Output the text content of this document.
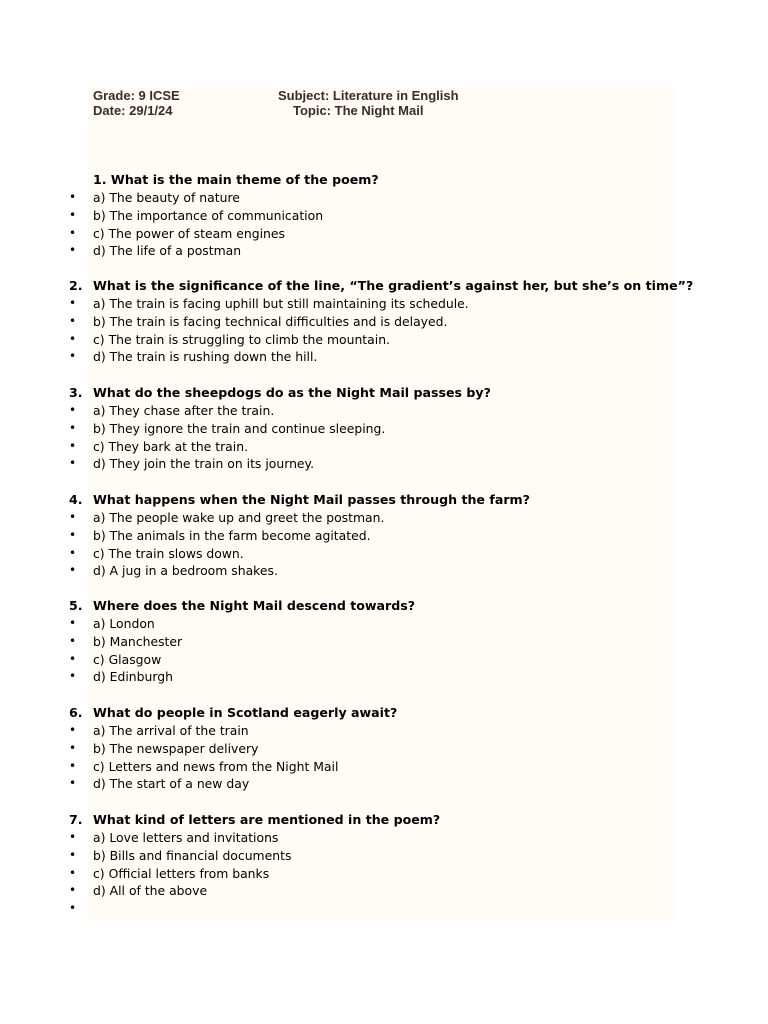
Grade: 9 ICSE
Date: 29/1/24
Subject: Literature in English
Topic: The Night Mail
1. What is the main theme of the poem?
• a) The beauty of nature
• b) The importance of communication
• c) The power of steam engines
• d) The life of a postman
2. What is the significance of the line, “The gradient’s against her, but she’s on time”?
• a) The train is facing uphill but still maintaining its schedule.
• b) The train is facing technical difficulties and is delayed.
• c) The train is struggling to climb the mountain.
• d) The train is rushing down the hill.
3. What do the sheepdogs do as the Night Mail passes by?
• a) They chase after the train.
• b) They ignore the train and continue sleeping.
• c) They bark at the train.
• d) They join the train on its journey.
4. What happens when the Night Mail passes through the farm?
• a) The people wake up and greet the postman.
• b) The animals in the farm become agitated.
• c) The train slows down.
• d) A jug in a bedroom shakes.
5. Where does the Night Mail descend towards?
• a) London
• b) Manchester
• c) Glasgow
• d) Edinburgh
6. What do people in Scotland eagerly await?
• a) The arrival of the train
• b) The newspaper delivery
• c) Letters and news from the Night Mail
• d) The start of a new day
7. What kind of letters are mentioned in the poem?
• a) Love letters and invitations
• b) Bills and financial documents
• c) Official letters from banks
• d) All of the above
•
